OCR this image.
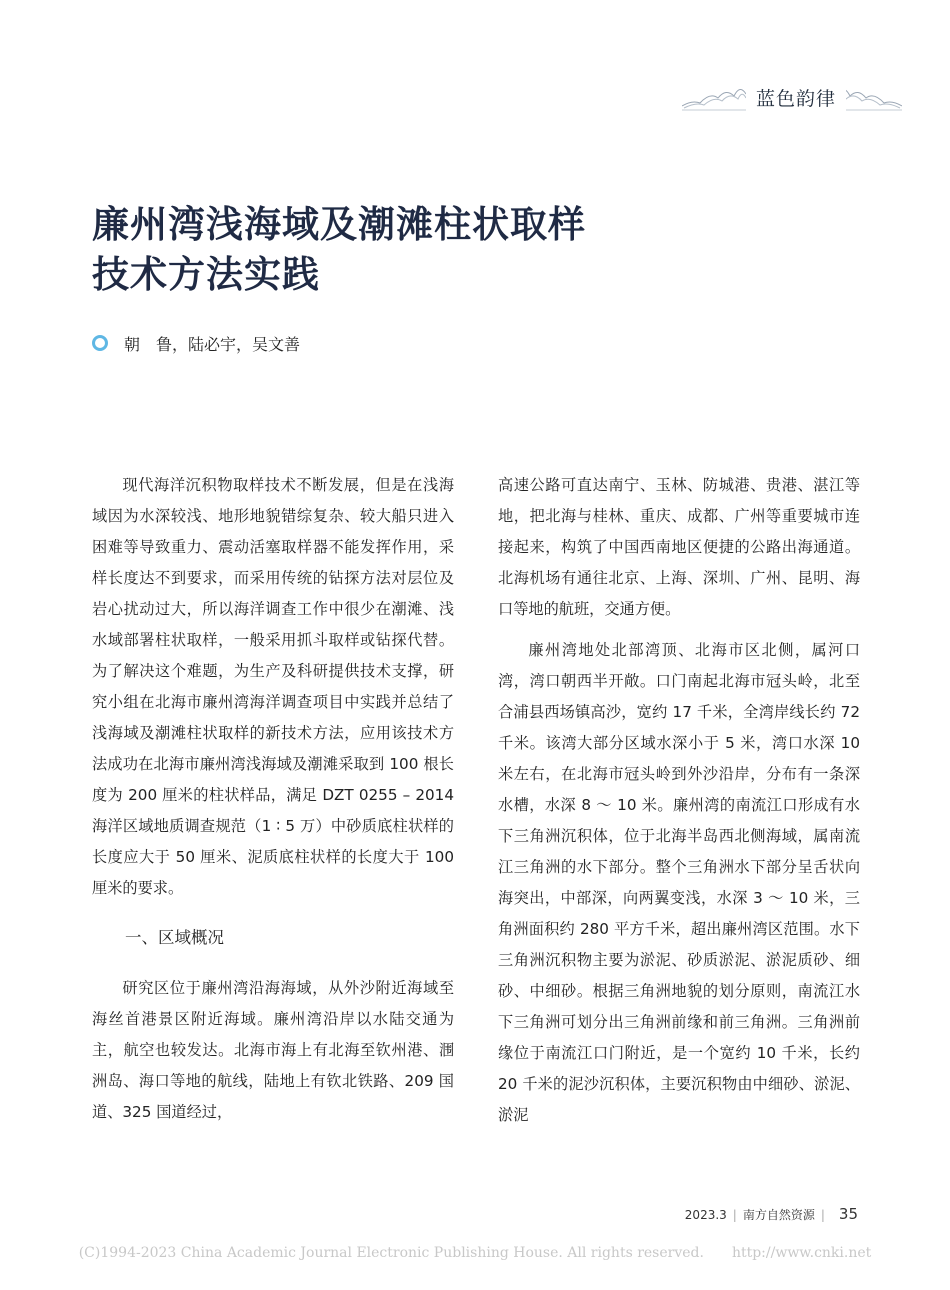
蓝色韵律
廉州湾浅海域及潮滩柱状取样
技术方法实践
朝　鲁，陆必宇，吴文善

现代海洋沉积物取样技术不断发展，但是在浅海域因为水深较浅、地形地貌错综复杂、较大船只进入困难等导致重力、震动活塞取样器不能发挥作用，采样长度达不到要求，而采用传统的钻探方法对层位及岩心扰动过大，所以海洋调查工作中很少在潮滩、浅水域部署柱状取样，一般采用抓斗取样或钻探代替。为了解决这个难题，为生产及科研提供技术支撑，研究小组在北海市廉州湾海洋调查项目中实践并总结了浅海域及潮滩柱状取样的新技术方法，应用该技术方法成功在北海市廉州湾浅海域及潮滩采取到 100 根长度为 200 厘米的柱状样品，满足 DZT 0255 – 2014 海洋区域地质调查规范（1 ∶ 5 万）中砂质底柱状样的长度应大于 50 厘米、泥质底柱状样的长度大于 100 厘米的要求。

一、区域概况

研究区位于廉州湾沿海海域，从外沙附近海域至海丝首港景区附近海域。廉州湾沿岸以水陆交通为主，航空也较发达。北海市海上有北海至钦州港、涠洲岛、海口等地的航线，陆地上有钦北铁路、209 国道、325 国道经过，

高速公路可直达南宁、玉林、防城港、贵港、湛江等地，把北海与桂林、重庆、成都、广州等重要城市连接起来，构筑了中国西南地区便捷的公路出海通道。北海机场有通往北京、上海、深圳、广州、昆明、海口等地的航班，交通方便。

廉州湾地处北部湾顶、北海市区北侧，属河口湾，湾口朝西半开敞。口门南起北海市冠头岭，北至合浦县西场镇高沙，宽约 17 千米，全湾岸线长约 72 千米。该湾大部分区域水深小于 5 米，湾口水深 10 米左右，在北海市冠头岭到外沙沿岸，分布有一条深水槽，水深 8 ～ 10 米。廉州湾的南流江口形成有水下三角洲沉积体，位于北海半岛西北侧海域，属南流江三角洲的水下部分。整个三角洲水下部分呈舌状向海突出，中部深，向两翼变浅，水深 3 ～ 10 米，三角洲面积约 280 平方千米，超出廉州湾区范围。水下三角洲沉积物主要为淤泥、砂质淤泥、淤泥质砂、细砂、中细砂。根据三角洲地貌的划分原则，南流江水下三角洲可划分出三角洲前缘和前三角洲。三角洲前缘位于南流江口门附近，是一个宽约 10 千米，长约 20 千米的泥沙沉积体，主要沉积物由中细砂、淤泥、淤泥

2023.3 | 南方自然资源 | 35
(C)1994-2023 China Academic Journal Electronic Publishing House. All rights reserved.　　http://www.cnki.net
